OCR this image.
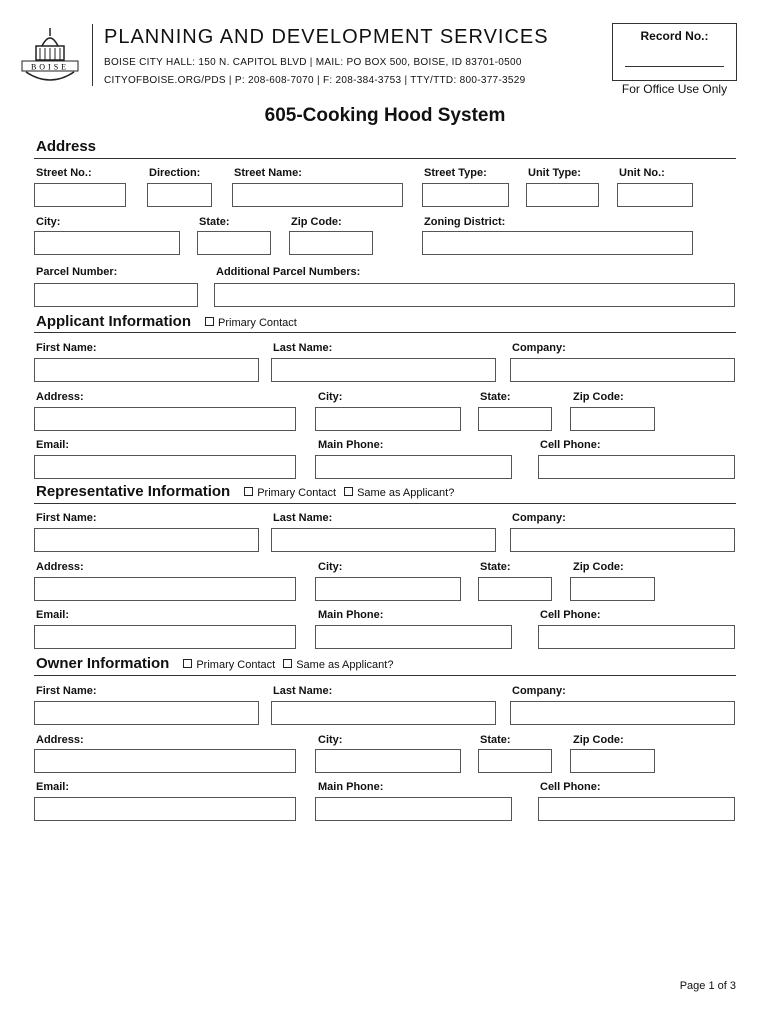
BOISE
PLANNING AND DEVELOPMENT SERVICES
BOISE CITY HALL: 150 N. CAPITOL BLVD | MAIL: PO BOX 500, BOISE, ID 83701-0500
CITYOFBOISE.ORG/PDS | P: 208-608-7070 | F: 208-384-3753 | TTY/TTD: 800-377-3529
Record No.:
For Office Use Only
605-Cooking Hood System
Address
Street No.:	Direction:	Street Name:	Street Type:	Unit Type:	Unit No.:
City:	State:	Zip Code:	Zoning District:
Parcel Number:	Additional Parcel Numbers:
Applicant Information Primary Contact
First Name:	Last Name:	Company:
Address:	City:	State:	Zip Code:
Email:	Main Phone:	Cell Phone:
Representative Information Primary Contact Same as Applicant?
First Name:	Last Name:	Company:
Address:	City:	State:	Zip Code:
Email:	Main Phone:	Cell Phone:
Owner Information Primary Contact Same as Applicant?
First Name:	Last Name:	Company:
Address:	City:	State:	Zip Code:
Email:	Main Phone:	Cell Phone:
Page 1 of 3
